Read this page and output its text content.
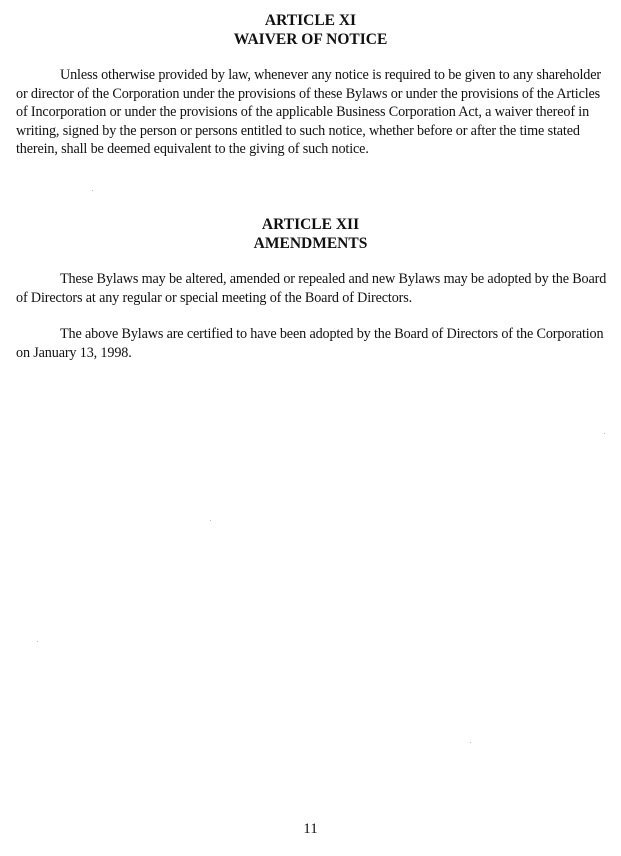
ARTICLE XI
WAIVER OF NOTICE

Unless otherwise provided by law, whenever any notice is required to be given to any shareholder or director of the Corporation under the provisions of these Bylaws or under the provisions of the Articles of Incorporation or under the provisions of the applicable Business Corporation Act, a waiver thereof in writing, signed by the person or persons entitled to such notice, whether before or after the time stated therein, shall be deemed equivalent to the giving of such notice.

ARTICLE XII
AMENDMENTS

These Bylaws may be altered, amended or repealed and new Bylaws may be adopted by the Board of Directors at any regular or special meeting of the Board of Directors.

The above Bylaws are certified to have been adopted by the Board of Directors of the Corporation on January 13, 1998.

11
